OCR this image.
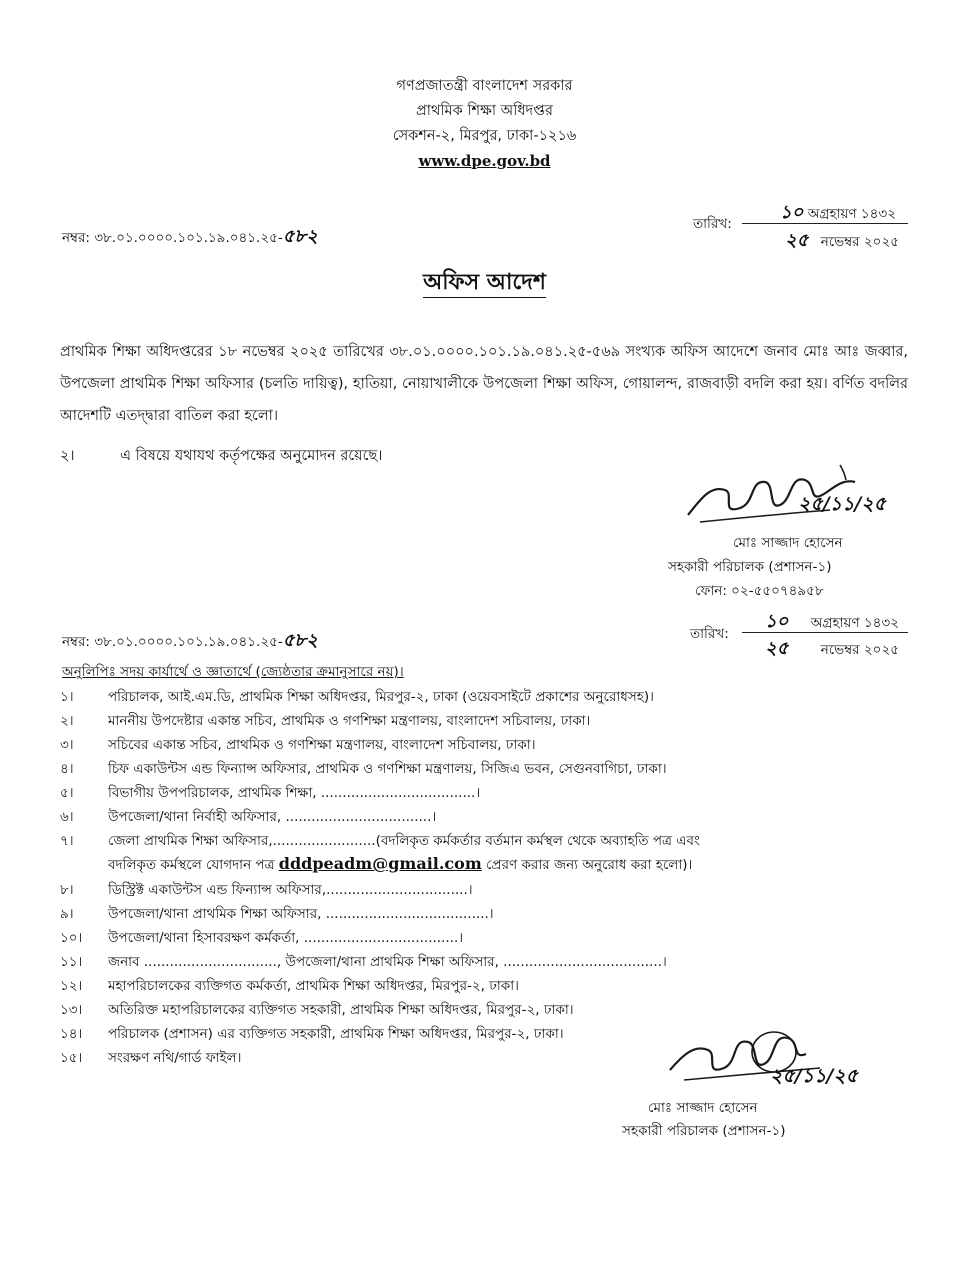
গণপ্রজাতন্ত্রী বাংলাদেশ সরকার
প্রাথমিক শিক্ষা অধিদপ্তর
সেকশন-২, মিরপুর, ঢাকা-১২১৬
www.dpe.gov.bd
নম্বর: ৩৮.০১.০০০০.১০১.১৯.০৪১.২৫-৫৮২
তারিখ:
১০ অগ্রহায়ণ ১৪৩২
২৫ নভেম্বর ২০২৫
অফিস আদেশ
প্রাথমিক শিক্ষা অধিদপ্তরের ১৮ নভেম্বর ২০২৫ তারিখের ৩৮.০১.০০০০.১০১.১৯.০৪১.২৫-৫৬৯ সংখ্যক অফিস আদেশে জনাব মোঃ আঃ জব্বার, উপজেলা প্রাথমিক শিক্ষা অফিসার (চলতি দায়িত্ব), হাতিয়া, নোয়াখালীকে উপজেলা শিক্ষা অফিস, গোয়ালন্দ, রাজবাড়ী বদলি করা হয়। বর্ণিত বদলির আদেশটি এতদ্দ্বারা বাতিল করা হলো।
২।	এ বিষয়ে যথাযথ কর্তৃপক্ষের অনুমোদন রয়েছে।
২৫/১১/২৫
মোঃ সাজ্জাদ হোসেন
সহকারী পরিচালক (প্রশাসন-১)
ফোন: ০২-৫৫০৭৪৯৫৮
নম্বর: ৩৮.০১.০০০০.১০১.১৯.০৪১.২৫-৫৮২	তারিখ:
১০ অগ্রহায়ণ ১৪৩২
২৫ নভেম্বর ২০২৫
অনুলিপিঃ সদয় কার্যার্থে ও জ্ঞাতার্থে (জ্যেষ্ঠতার ক্রমানুসারে নয়)।
১।	পরিচালক, আই.এম.ডি, প্রাথমিক শিক্ষা অধিদপ্তর, মিরপুর-২, ঢাকা (ওয়েবসাইটে প্রকাশের অনুরোধসহ)।
২।	মাননীয় উপদেষ্টার একান্ত সচিব, প্রাথমিক ও গণশিক্ষা মন্ত্রণালয়, বাংলাদেশ সচিবালয়, ঢাকা।
৩।	সচিবের একান্ত সচিব, প্রাথমিক ও গণশিক্ষা মন্ত্রণালয়, বাংলাদেশ সচিবালয়, ঢাকা।
৪।	চিফ একাউন্টস এন্ড ফিন্যান্স অফিসার, প্রাথমিক ও গণশিক্ষা মন্ত্রণালয়, সিজিএ ভবন, সেগুনবাগিচা, ঢাকা।
৫।	বিভাগীয় উপপরিচালক, প্রাথমিক শিক্ষা, ....................................।
৬।	উপজেলা/থানা নির্বাহী অফিসার, ..................................।
৭।	জেলা প্রাথমিক শিক্ষা অফিসার,........................(বদলিকৃত কর্মকর্তার বর্তমান কর্মস্থল থেকে অব্যাহতি পত্র এবং
বদলিকৃত কর্মস্থলে যোগদান পত্র dddpeadm@gmail.com প্রেরণ করার জন্য অনুরোধ করা হলো)।
৮।	ডিস্ট্রিক্ট একাউন্টস এন্ড ফিন্যান্স অফিসার,.................................।
৯।	উপজেলা/থানা প্রাথমিক শিক্ষা অফিসার, ......................................।
১০।	উপজেলা/থানা হিসাবরক্ষণ কর্মকর্তা, ....................................।
১১।	জনাব ..............................., উপজেলা/থানা প্রাথমিক শিক্ষা অফিসার, .....................................।
১২।	মহাপরিচালকের ব্যক্তিগত কর্মকর্তা, প্রাথমিক শিক্ষা অধিদপ্তর, মিরপুর-২, ঢাকা।
১৩।	অতিরিক্ত মহাপরিচালকের ব্যক্তিগত সহকারী, প্রাথমিক শিক্ষা অধিদপ্তর, মিরপুর-২, ঢাকা।
১৪।	পরিচালক (প্রশাসন) এর ব্যক্তিগত সহকারী, প্রাথমিক শিক্ষা অধিদপ্তর, মিরপুর-২, ঢাকা।
১৫।	সংরক্ষণ নথি/গার্ড ফাইল।
২৫/১১/২৫
মোঃ সাজ্জাদ হোসেন
সহকারী পরিচালক (প্রশাসন-১)
